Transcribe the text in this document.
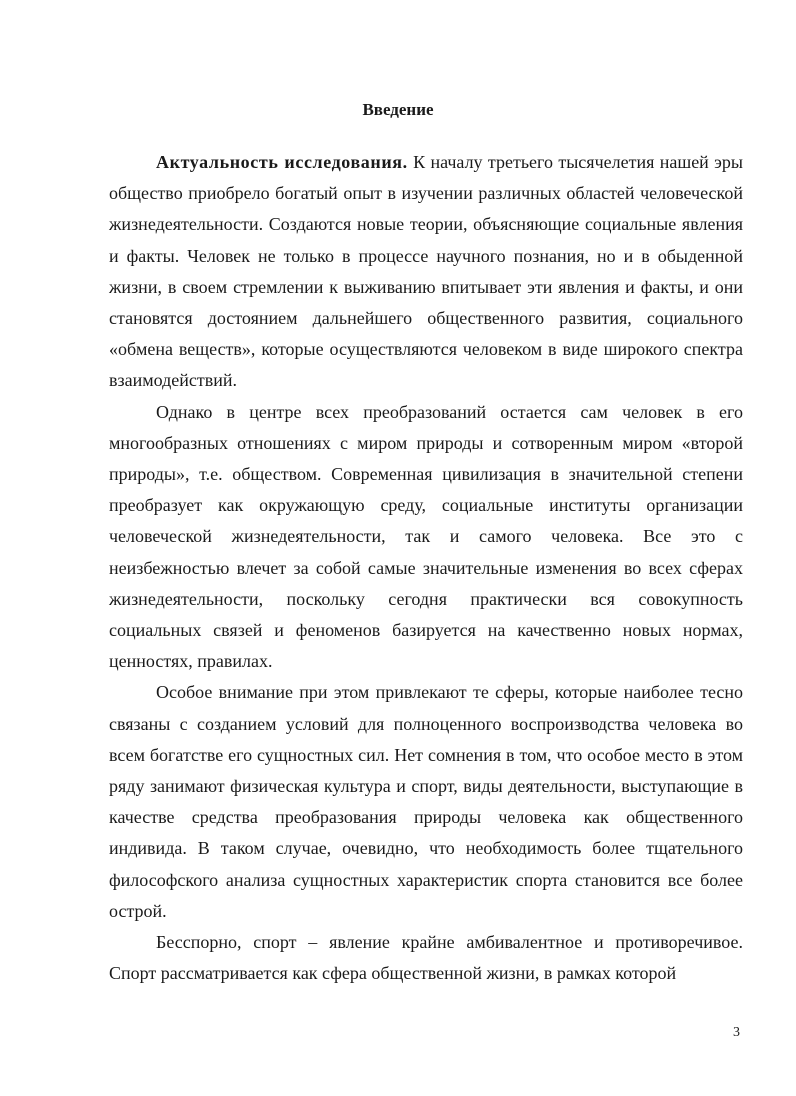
Введение

Актуальность исследования. К началу третьего тысячелетия нашей эры общество приобрело богатый опыт в изучении различных областей человеческой жизнедеятельности. Создаются новые теории, объясняющие социальные явления и факты. Человек не только в процессе научного познания, но и в обыденной жизни, в своем стремлении к выживанию впитывает эти явления и факты, и они становятся достоянием дальнейшего общественного развития, социального «обмена веществ», которые осуществляются человеком в виде широкого спектра взаимодействий.

Однако в центре всех преобразований остается сам человек в его многообразных отношениях с миром природы и сотворенным миром «второй природы», т.е. обществом. Современная цивилизация в значительной степени преобразует как окружающую среду, социальные институты организации человеческой жизнедеятельности, так и самого человека. Все это с неизбежностью влечет за собой самые значительные изменения во всех сферах жизнедеятельности, поскольку сегодня практически вся совокупность социальных связей и феноменов базируется на качественно новых нормах, ценностях, правилах.

Особое внимание при этом привлекают те сферы, которые наиболее тесно связаны с созданием условий для полноценного воспроизводства человека во всем богатстве его сущностных сил. Нет сомнения в том, что особое место в этом ряду занимают физическая культура и спорт, виды деятельности, выступающие в качестве средства преобразования природы человека как общественного индивида. В таком случае, очевидно, что необходимость более тщательного философского анализа сущностных характеристик спорта становится все более острой.

Бесспорно, спорт – явление крайне амбивалентное и противоречивое. Спорт рассматривается как сфера общественной жизни, в рамках которой

3
